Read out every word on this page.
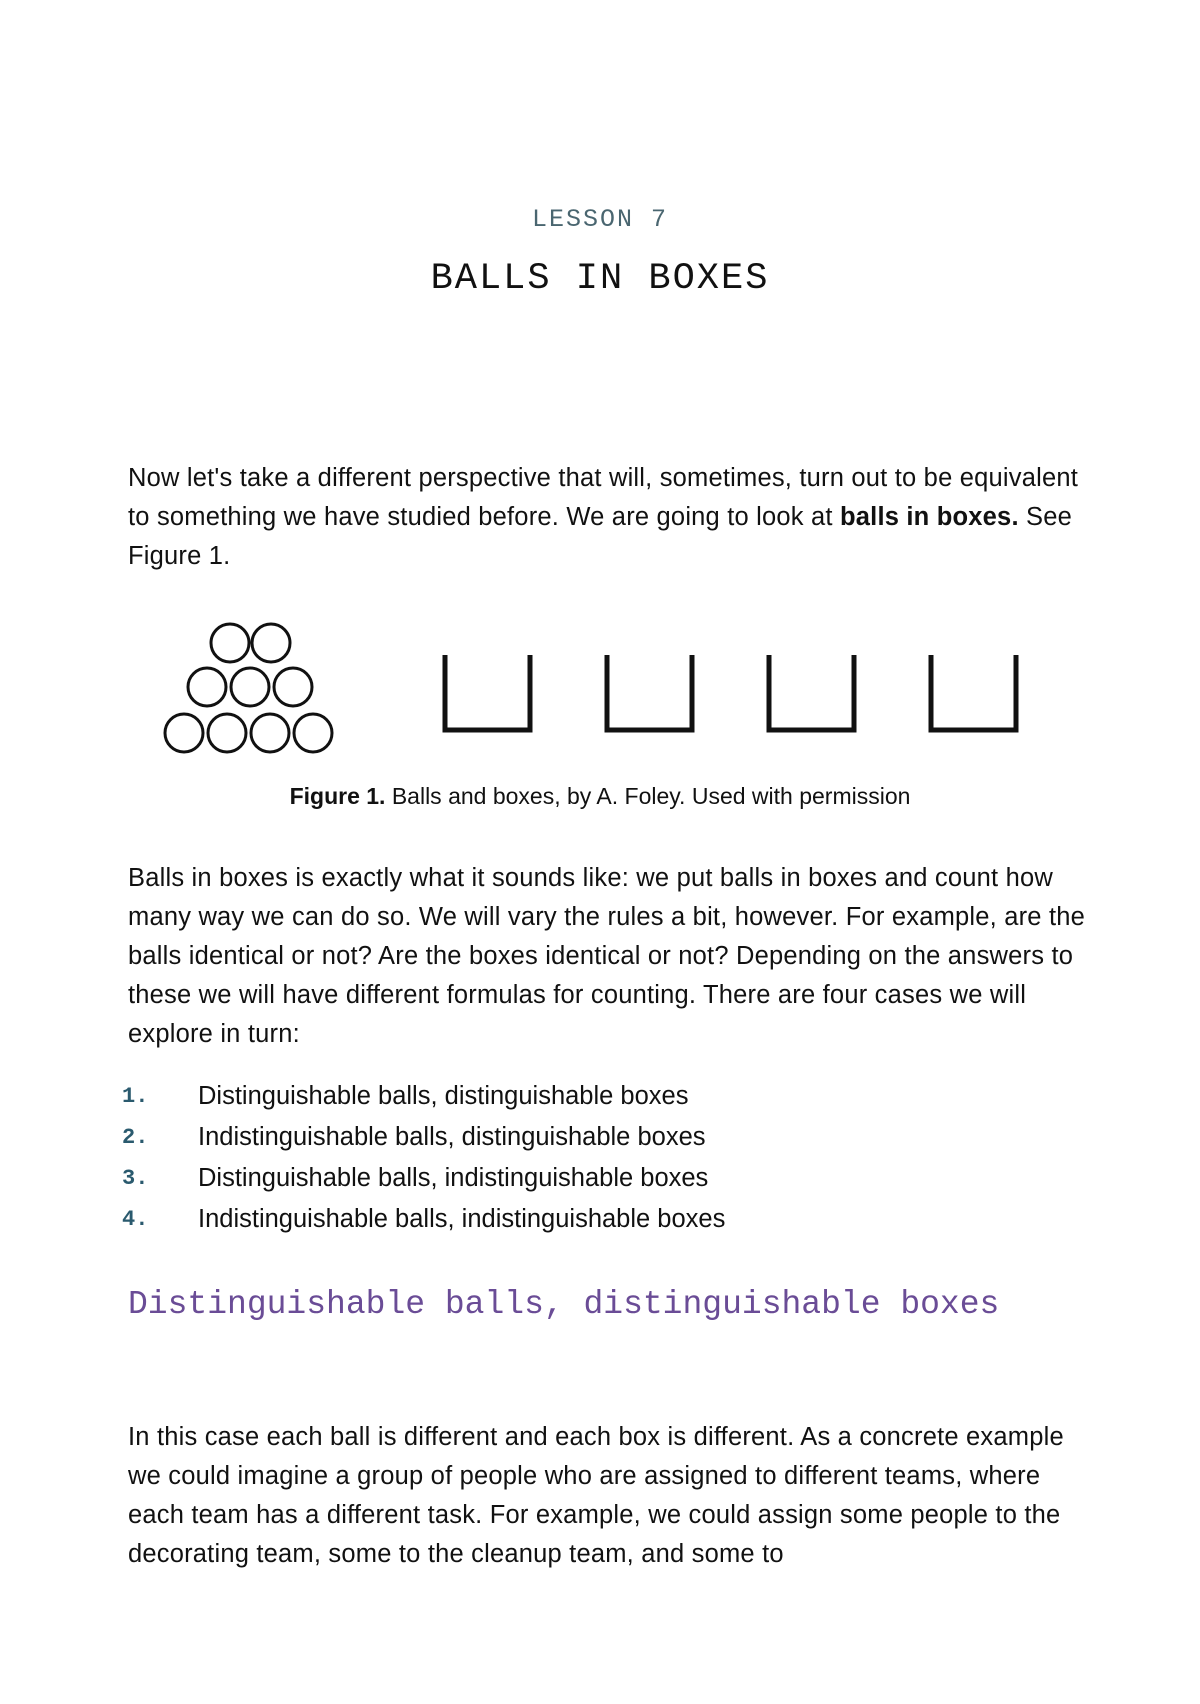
LESSON 7
BALLS IN BOXES

Now let's take a different perspective that will, sometimes, turn out to be equivalent to something we have studied before. We are going to look at balls in boxes. See Figure 1.

Figure 1. Balls and boxes, by A. Foley. Used with permission

Balls in boxes is exactly what it sounds like: we put balls in boxes and count how many way we can do so. We will vary the rules a bit, however. For example, are the balls identical or not? Are the boxes identical or not? Depending on the answers to these we will have different formulas for counting. There are four cases we will explore in turn:

1.	Distinguishable balls, distinguishable boxes
2.	Indistinguishable balls, distinguishable boxes
3.	Distinguishable balls, indistinguishable boxes
4.	Indistinguishable balls, indistinguishable boxes
Distinguishable balls, distinguishable boxes

In this case each ball is different and each box is different. As a concrete example we could imagine a group of people who are assigned to different teams, where each team has a different task. For example, we could assign some people to the decorating team, some to the cleanup team, and some to
